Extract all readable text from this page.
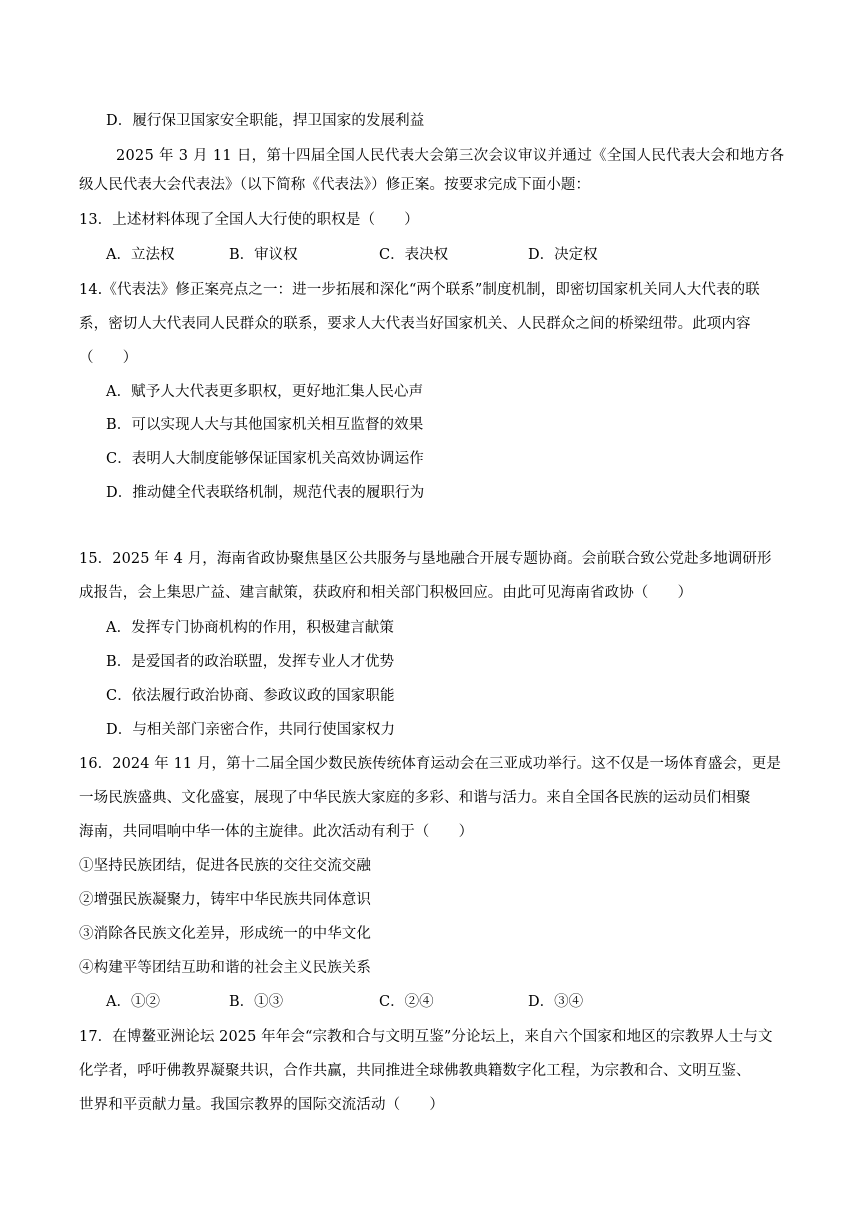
D．履行保卫国家安全职能，捍卫国家的发展利益
2025 年 3 月 11 日，第十四届全国人民代表大会第三次会议审议并通过《全国人民代表大会和地方各
级人民代表大会代表法》（以下简称《代表法》）修正案。按要求完成下面小题：
13．上述材料体现了全国人大行使的职权是（　　）
A．立法权	B．审议权	C．表决权	D．决定权
14.《代表法》修正案亮点之一：进一步拓展和深化“两个联系”制度机制，即密切国家机关同人大代表的联
系，密切人大代表同人民群众的联系，要求人大代表当好国家机关、人民群众之间的桥梁纽带。此项内容
（　　）
A．赋予人大代表更多职权，更好地汇集人民心声
B．可以实现人大与其他国家机关相互监督的效果
C．表明人大制度能够保证国家机关高效协调运作
D．推动健全代表联络机制，规范代表的履职行为
15．2025 年 4 月，海南省政协聚焦垦区公共服务与垦地融合开展专题协商。会前联合致公党赴多地调研形
成报告，会上集思广益、建言献策，获政府和相关部门积极回应。由此可见海南省政协（　　）
A．发挥专门协商机构的作用，积极建言献策
B．是爱国者的政治联盟，发挥专业人才优势
C．依法履行政治协商、参政议政的国家职能
D．与相关部门亲密合作，共同行使国家权力
16．2024 年 11 月，第十二届全国少数民族传统体育运动会在三亚成功举行。这不仅是一场体育盛会，更是
一场民族盛典、文化盛宴，展现了中华民族大家庭的多彩、和谐与活力。来自全国各民族的运动员们相聚
海南，共同唱响中华一体的主旋律。此次活动有利于（　　）
①坚持民族团结，促进各民族的交往交流交融
②增强民族凝聚力，铸牢中华民族共同体意识
③消除各民族文化差异，形成统一的中华文化
④构建平等团结互助和谐的社会主义民族关系
A．①②	B．①③	C．②④	D．③④
17．在博鳌亚洲论坛 2025 年年会“宗教和合与文明互鉴”分论坛上，来自六个国家和地区的宗教界人士与文
化学者，呼吁佛教界凝聚共识，合作共赢，共同推进全球佛教典籍数字化工程，为宗教和合、文明互鉴、
世界和平贡献力量。我国宗教界的国际交流活动（　　）
